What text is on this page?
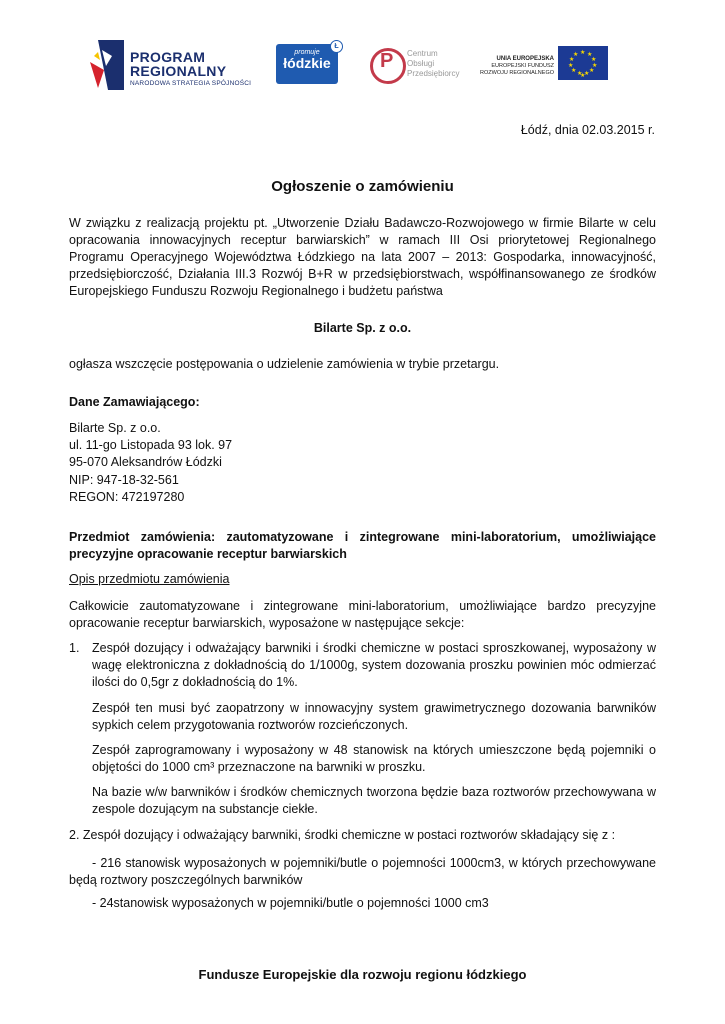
PROGRAM
REGIONALNY
NARODOWA STRATEGIA SPÓJNOŚCI
promuje
łódzkie
Ł
P Centrum
Obsługi
Przedsiębiorcy
UNIA EUROPEJSKA
EUROPEJSKI FUNDUSZ
ROZWOJU REGIONALNEGO
★ ★
★
★
★
★
★
★
★
★
★
★

Łódź, dnia 02.03.2015 r.

Ogłoszenie o zamówieniu

W związku z realizacją projektu pt. „Utworzenie Działu Badawczo-Rozwojowego w firmie Bilarte w celu opracowania innowacyjnych receptur barwiarskich” w ramach III Osi priorytetowej Regionalnego Programu Operacyjnego Województwa Łódzkiego na lata 2007 – 2013: Gospodarka, innowacyjność, przedsiębiorczość, Działania III.3 Rozwój B+R w przedsiębiorstwach, współfinansowanego ze środków Europejskiego Funduszu Rozwoju Regionalnego i budżetu państwa

Bilarte Sp. z o.o.

ogłasza wszczęcie postępowania o udzielenie zamówienia w trybie przetargu.

Dane Zamawiającego:

Bilarte Sp. z o.o.
ul. 11-go Listopada 93 lok. 97
95-070 Aleksandrów Łódzki
NIP: 947-18-32-561
REGON: 472197280

Przedmiot zamówienia: zautomatyzowane i zintegrowane mini-laboratorium, umożliwiające precyzyjne opracowanie receptur barwiarskich

Opis przedmiotu zamówienia

Całkowicie zautomatyzowane i zintegrowane mini-laboratorium, umożliwiające bardzo precyzyjne opracowanie receptur barwiarskich, wyposażone w następujące sekcje:

1. Zespół dozujący i odważający barwniki i środki chemiczne w postaci sproszkowanej, wyposażony w wagę elektroniczna z dokładnością do 1/1000g, system dozowania proszku powinien móc odmierzać ilości do 0,5gr z dokładnością do 1%.

Zespół ten musi być zaopatrzony w innowacyjny system grawimetrycznego dozowania barwników sypkich celem przygotowania roztworów rozcieńczonych.

Zespół zaprogramowany i wyposażony w 48 stanowisk na których umieszczone będą pojemniki o objętości do 1000 cm³ przeznaczone na barwniki w proszku.

Na bazie w/w barwników i środków chemicznych tworzona będzie baza roztworów przechowywana w zespole dozującym na substancje ciekłe.

2. Zespół dozujący i odważający barwniki, środki chemiczne w postaci roztworów składający się z :

- 216 stanowisk wyposażonych w pojemniki/butle o pojemności 1000cm3, w których przechowywane będą roztwory poszczególnych barwników

- 24stanowisk wyposażonych w pojemniki/butle o pojemności 1000 cm3

Fundusze Europejskie dla rozwoju regionu łódzkiego
